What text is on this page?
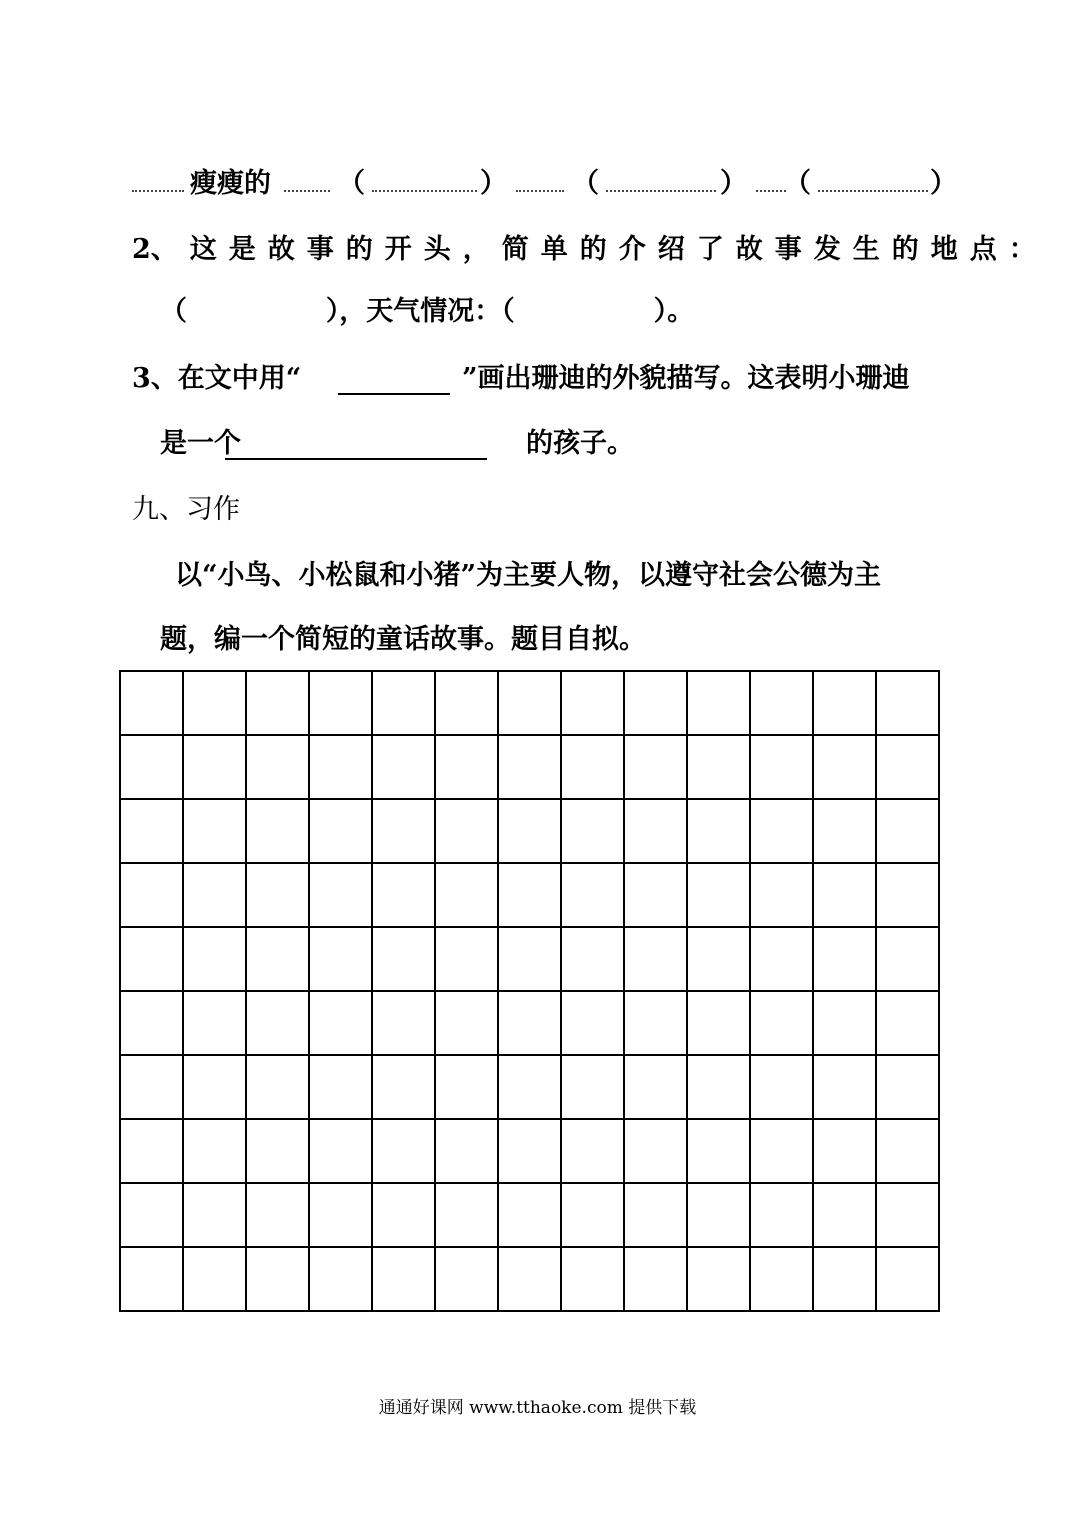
瘦瘦的 （	） （	） （	）
2、这是故事的开头，简单的介绍了故事发生的地点：
（	），天气情况：（	）。
3、在文中用“	”画出珊迪的外貌描写。这表明小珊迪
是一个	的孩子。
九、习作
以“小鸟、小松鼠和小猪”为主要人物，以遵守社会公德为主
题，编一个简短的童话故事。题目自拟。

通通好课网 www.tthaoke.com 提供下载
